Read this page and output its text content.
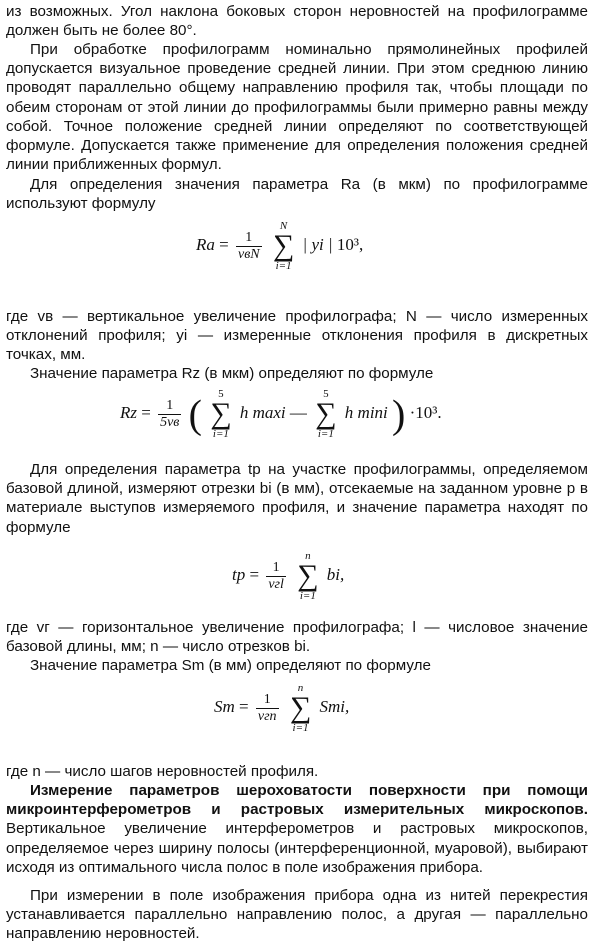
из возможных. Угол наклона боковых сторон неровностей на профилограмме должен быть не более 80°.

При обработке профилограмм номинально прямолинейных профилей допускается визуальное проведение средней линии. При этом среднюю линию проводят параллельно общему направлению профиля так, чтобы площади по обеим сторонам от этой линии до профилограммы были примерно равны между собой. Точное положение средней линии определяют по соответствующей формуле. Допускается также применение для определения положения средней линии приближенных формул.

Для определения значения параметра Ra (в мкм) по профилограмме используют формулу

$Ra = \frac{1}{\text{vвN}}$

N
∑
i=1
| yi | 10³,

где vв — вертикальное увеличение профилографа; N — число измеренных отклонений профиля; yi — измеренные отклонения профиля в дискретных точках, мм.

Значение параметра Rz (в мкм) определяют по формуле

$Rz = \frac{1}{5vв}$ (	5
∑
i=1
h maxi —
5
∑
i=1
h mini ) ·10³.

Для определения параметра tp на участке профилограммы, определяемом базовой длиной, измеряют отрезки bi (в мм), отсекаемые на заданном уровне p в материале выступов измеряемого профиля, и значение параметра находят по формуле

tp = $\frac{1}{\text{vгl}}$

n
∑
i=1
bi,

где vг — горизонтальное увеличение профилографа; l — числовое значение базовой длины, мм; n — число отрезков bi.

Значение параметра Sm (в мм) определяют по формуле

$Sm = \frac{1}{\text{vгn}}$

n
∑
i=1
Smi,

где n — число шагов неровностей профиля.

Измерение параметров шероховатости поверхности при помощи микроинтерферометров и растровых измерительных микроскопов. Вертикальное увеличение интерферометров и растровых микроскопов, определяемое через ширину полосы (интерференционной, муаровой), выбирают исходя из оптимального числа полос в поле изображения прибора.

При измерении в поле изображения прибора одна из нитей перекрестия устанавливается параллельно направлению полос, а другая — параллельно направлению неровностей.
